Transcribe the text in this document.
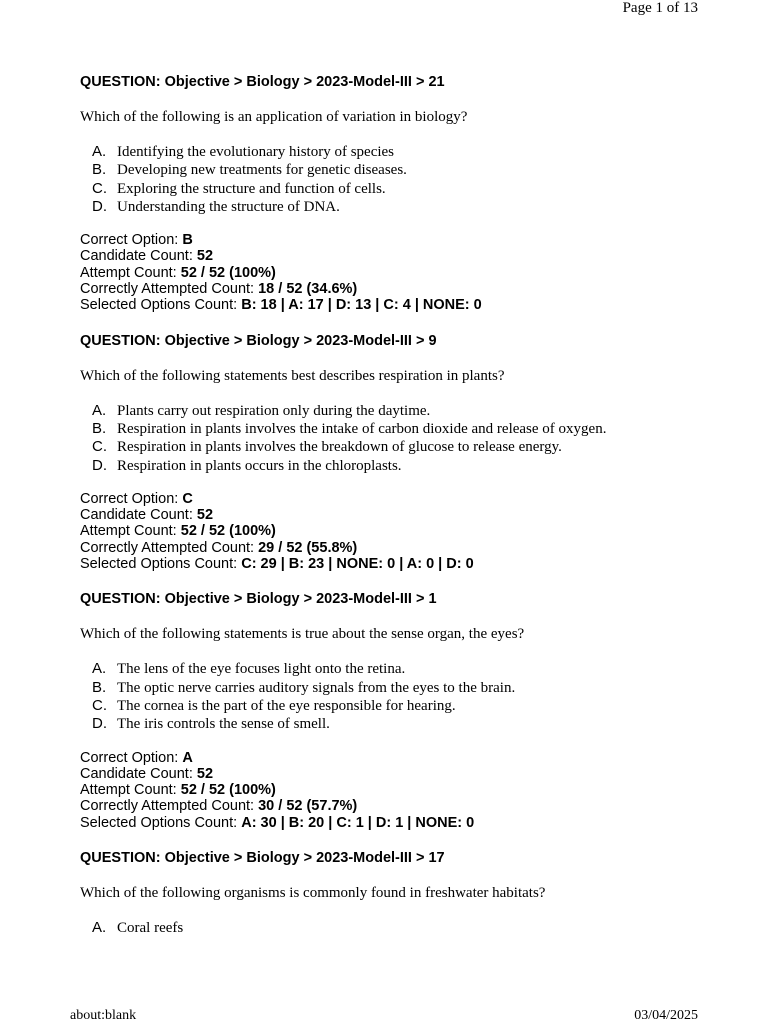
Page 1 of 13
QUESTION: Objective > Biology > 2023-Model-III > 21
Which of the following is an application of variation in biology?
A. Identifying the evolutionary history of species
B. Developing new treatments for genetic diseases.
C. Exploring the structure and function of cells.
D. Understanding the structure of DNA.
Correct Option: B
Candidate Count: 52
Attempt Count: 52 / 52 (100%)
Correctly Attempted Count: 18 / 52 (34.6%)
Selected Options Count: B: 18 | A: 17 | D: 13 | C: 4 | NONE: 0
QUESTION: Objective > Biology > 2023-Model-III > 9
Which of the following statements best describes respiration in plants?
A. Plants carry out respiration only during the daytime.
B. Respiration in plants involves the intake of carbon dioxide and release of oxygen.
C. Respiration in plants involves the breakdown of glucose to release energy.
D. Respiration in plants occurs in the chloroplasts.
Correct Option: C
Candidate Count: 52
Attempt Count: 52 / 52 (100%)
Correctly Attempted Count: 29 / 52 (55.8%)
Selected Options Count: C: 29 | B: 23 | NONE: 0 | A: 0 | D: 0
QUESTION: Objective > Biology > 2023-Model-III > 1
Which of the following statements is true about the sense organ, the eyes?
A. The lens of the eye focuses light onto the retina.
B. The optic nerve carries auditory signals from the eyes to the brain.
C. The cornea is the part of the eye responsible for hearing.
D. The iris controls the sense of smell.
Correct Option: A
Candidate Count: 52
Attempt Count: 52 / 52 (100%)
Correctly Attempted Count: 30 / 52 (57.7%)
Selected Options Count: A: 30 | B: 20 | C: 1 | D: 1 | NONE: 0
QUESTION: Objective > Biology > 2023-Model-III > 17
Which of the following organisms is commonly found in freshwater habitats?
A. Coral reefs
about:blank	03/04/2025
